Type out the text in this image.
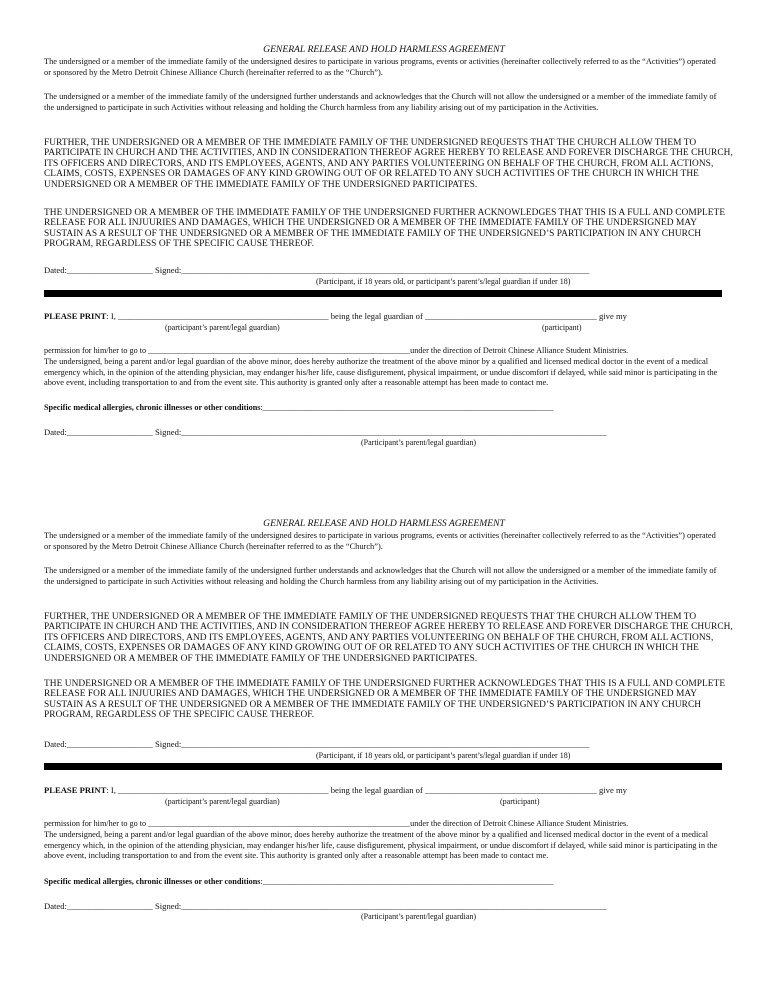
GENERAL RELEASE AND HOLD HARMLESS AGREEMENT
The undersigned or a member of the immediate family of the undersigned desires to participate in various programs, events or activities (hereinafter collectively referred to as the “Activities”) operated or sponsored by the Metro Detroit Chinese Alliance Church (hereinafter referred to as the “Church”).
The undersigned or a member of the immediate family of the undersigned further understands and acknowledges that the Church will not allow the undersigned or a member of the immediate family of the undersigned to participate in such Activities without releasing and holding the Church harmless from any liability arising out of my participation in the Activities.
FURTHER, THE UNDERSIGNED OR A MEMBER OF THE IMMEDIATE FAMILY OF THE UNDERSIGNED REQUESTS THAT THE CHURCH ALLOW THEM TO PARTICIPATE IN CHURCH AND THE ACTIVITIES, AND IN CONSIDERATION THEREOF AGREE HEREBY TO RELEASE AND FOREVER DISCHARGE THE CHURCH, ITS OFFICERS AND DIRECTORS, AND ITS EMPLOYEES, AGENTS, AND ANY PARTIES VOLUNTEERING ON BEHALF OF THE CHURCH, FROM ALL ACTIONS, CLAIMS, COSTS, EXPENSES OR DAMAGES OF ANY KIND GROWING OUT OF OR RELATED TO ANY SUCH ACTIVITIES OF THE CHURCH IN WHICH THE UNDERSIGNED OR A MEMBER OF THE IMMEDIATE FAMILY OF THE UNDERSIGNED PARTICIPATES.
THE UNDERSIGNED OR A MEMBER OF THE IMMEDIATE FAMILY OF THE UNDERSIGNED FURTHER ACKNOWLEDGES THAT THIS IS A FULL AND COMPLETE RELEASE FOR ALL INJUURIES AND DAMAGES, WHICH THE UNDERSIGNED OR A MEMBER OF THE IMMEDIATE FAMILY OF THE UNDERSIGNED MAY SUSTAIN AS A RESULT OF THE UNDERSIGNED OR A MEMBER OF THE IMMEDIATE FAMILY OF THE UNDERSIGNED’S PARTICIPATION IN ANY CHURCH PROGRAM, REGARDLESS OF THE SPECIFIC CAUSE THEREOF.
Dated:____________________ Signed:_______________________________________________________________________________________________
(Participant, if 18 years old, or participant’s parent’s/legal guardian if under 18)
PLEASE PRINT: I, _________________________________________________ being the legal guardian of ________________________________________ give my
(participant’s parent/legal guardian)	(participant)
permission for him/her to go to ________________________________________________________________under the direction of Detroit Chinese Alliance Student Ministries.
The undersigned, being a parent and/or legal guardian of the above minor, does hereby authorize the treatment of the above minor by a qualified and licensed medical doctor in the event of a medical emergency which, in the opinion of the attending physician, may endanger his/her life, cause disfigurement, physical impairment, or undue discomfort if delayed, while said minor is participating in the above event, including transportation to and from the event site. This authority is granted only after a reasonable attempt has been made to contact me.
Specific medical allergies, chronic illnesses or other conditions:_______________________________________________________________________
Dated:____________________ Signed:___________________________________________________________________________________________________
(Participant’s parent/legal guardian)
GENERAL RELEASE AND HOLD HARMLESS AGREEMENT
The undersigned or a member of the immediate family of the undersigned desires to participate in various programs, events or activities (hereinafter collectively referred to as the “Activities”) operated or sponsored by the Metro Detroit Chinese Alliance Church (hereinafter referred to as the “Church”).
The undersigned or a member of the immediate family of the undersigned further understands and acknowledges that the Church will not allow the undersigned or a member of the immediate family of the undersigned to participate in such Activities without releasing and holding the Church harmless from any liability arising out of my participation in the Activities.
FURTHER, THE UNDERSIGNED OR A MEMBER OF THE IMMEDIATE FAMILY OF THE UNDERSIGNED REQUESTS THAT THE CHURCH ALLOW THEM TO PARTICIPATE IN CHURCH AND THE ACTIVITIES, AND IN CONSIDERATION THEREOF AGREE HEREBY TO RELEASE AND FOREVER DISCHARGE THE CHURCH, ITS OFFICERS AND DIRECTORS, AND ITS EMPLOYEES, AGENTS, AND ANY PARTIES VOLUNTEERING ON BEHALF OF THE CHURCH, FROM ALL ACTIONS, CLAIMS, COSTS, EXPENSES OR DAMAGES OF ANY KIND GROWING OUT OF OR RELATED TO ANY SUCH ACTIVITIES OF THE CHURCH IN WHICH THE UNDERSIGNED OR A MEMBER OF THE IMMEDIATE FAMILY OF THE UNDERSIGNED PARTICIPATES.
THE UNDERSIGNED OR A MEMBER OF THE IMMEDIATE FAMILY OF THE UNDERSIGNED FURTHER ACKNOWLEDGES THAT THIS IS A FULL AND COMPLETE RELEASE FOR ALL INJUURIES AND DAMAGES, WHICH THE UNDERSIGNED OR A MEMBER OF THE IMMEDIATE FAMILY OF THE UNDERSIGNED MAY SUSTAIN AS A RESULT OF THE UNDERSIGNED OR A MEMBER OF THE IMMEDIATE FAMILY OF THE UNDERSIGNED’S PARTICIPATION IN ANY CHURCH PROGRAM, REGARDLESS OF THE SPECIFIC CAUSE THEREOF.
Dated:____________________ Signed:_______________________________________________________________________________________________
(Participant, if 18 years old, or participant’s parent’s/legal guardian if under 18)
PLEASE PRINT: I, _________________________________________________ being the legal guardian of ________________________________________ give my
(participant’s parent/legal guardian)	(participant)
permission for him/her to go to ________________________________________________________________under the direction of Detroit Chinese Alliance Student Ministries.
The undersigned, being a parent and/or legal guardian of the above minor, does hereby authorize the treatment of the above minor by a qualified and licensed medical doctor in the event of a medical emergency which, in the opinion of the attending physician, may endanger his/her life, cause disfigurement, physical impairment, or undue discomfort if delayed, while said minor is participating in the above event, including transportation to and from the event site. This authority is granted only after a reasonable attempt has been made to contact me.
Specific medical allergies, chronic illnesses or other conditions:_______________________________________________________________________
Dated:____________________ Signed:___________________________________________________________________________________________________
(Participant’s parent/legal guardian)
